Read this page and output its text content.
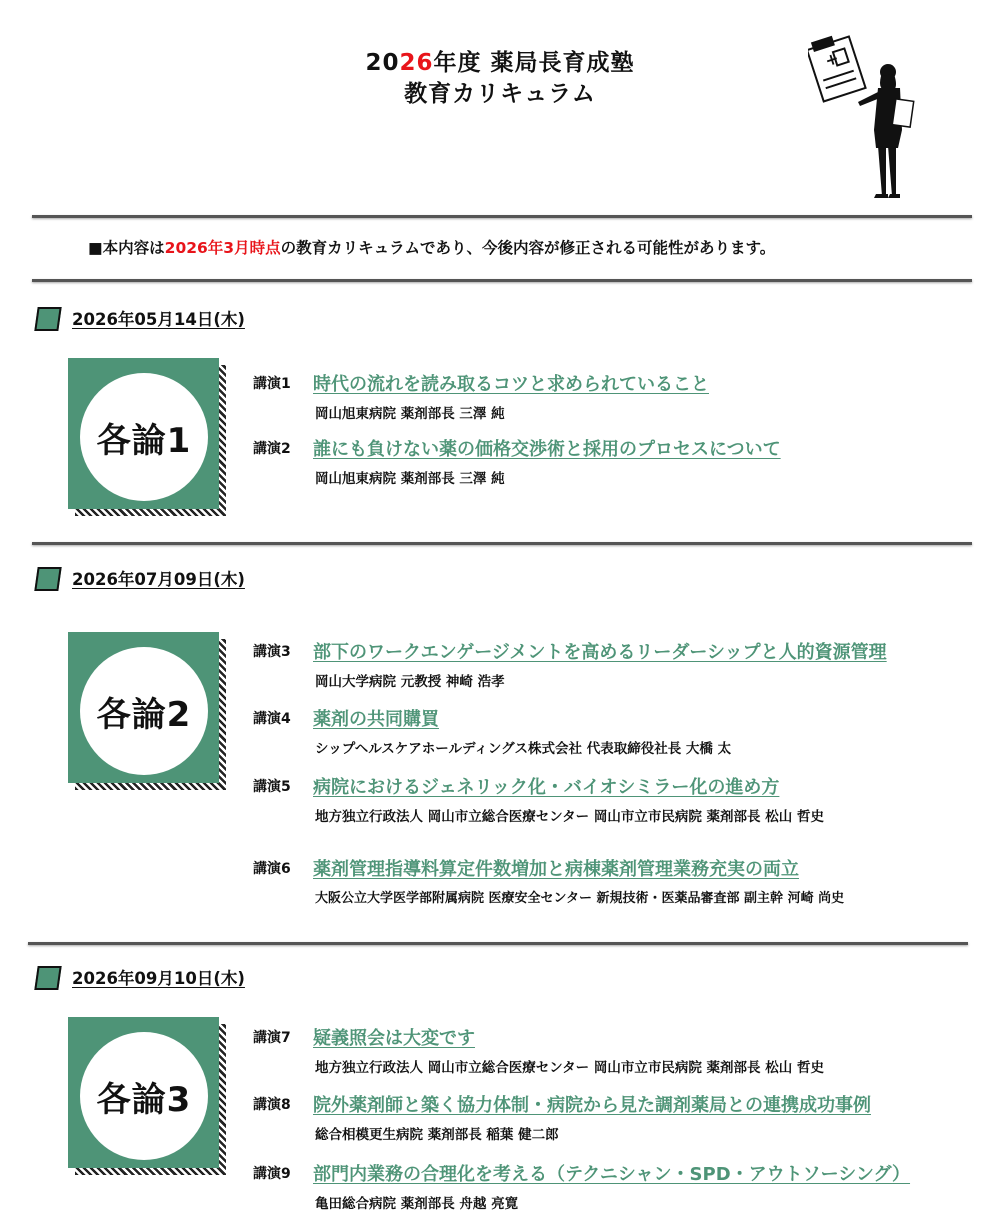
2026年度 薬局長育成塾
教育カリキュラム
+
■本内容は2026年3月時点の教育カリキュラムであり、今後内容が修正される可能性があります。
2026年05月14日(木)
各論1
講演1 時代の流れを読み取るコツと求められていること
岡山旭東病院 薬剤部長 三澤 純
講演2 誰にも負けない薬の価格交渉術と採用のプロセスについて
岡山旭東病院 薬剤部長 三澤 純
2026年07月09日(木)
各論2
講演3 部下のワークエンゲージメントを高めるリーダーシップと人的資源管理
岡山大学病院 元教授 神崎 浩孝
講演4 薬剤の共同購買
シップヘルスケアホールディングス株式会社 代表取締役社長 大橋 太
講演5 病院におけるジェネリック化・バイオシミラー化の進め方
地方独立行政法人 岡山市立総合医療センター 岡山市立市民病院 薬剤部長 松山 哲史
講演6 薬剤管理指導料算定件数増加と病棟薬剤管理業務充実の両立
大阪公立大学医学部附属病院 医療安全センター 新規技術・医薬品審査部 副主幹 河崎 尚史
2026年09月10日(木)
各論3
講演7 疑義照会は大変です
地方独立行政法人 岡山市立総合医療センター 岡山市立市民病院 薬剤部長 松山 哲史
講演8 院外薬剤師と築く協力体制・病院から見た調剤薬局との連携成功事例
総合相模更生病院 薬剤部長 稲葉 健二郎
講演9 部門内業務の合理化を考える（テクニシャン・SPD・アウトソーシング）
亀田総合病院 薬剤部長 舟越 亮寛
